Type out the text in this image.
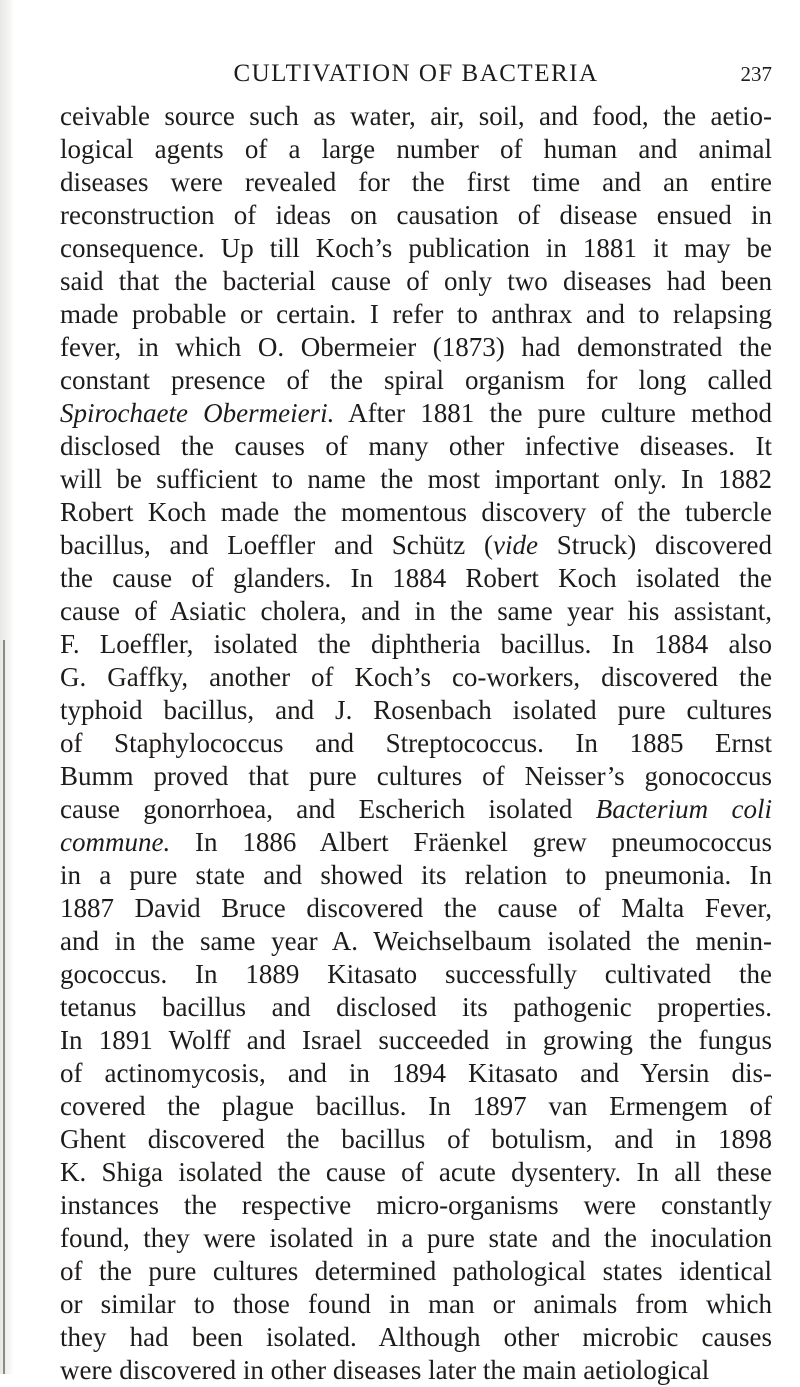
CULTIVATION OF BACTERIA	237
ceivable source such as water, air, soil, and food, the aetio-
logical agents of a large number of human and animal
diseases were revealed for the first time and an entire
reconstruction of ideas on causation of disease ensued in
consequence. Up till Koch’s publication in 1881 it may be
said that the bacterial cause of only two diseases had been
made probable or certain. I refer to anthrax and to relapsing
fever, in which O. Obermeier (1873) had demonstrated the
constant presence of the spiral organism for long called
Spirochaete Obermeieri. After 1881 the pure culture method
disclosed the causes of many other infective diseases. It
will be sufficient to name the most important only. In 1882
Robert Koch made the momentous discovery of the tubercle
bacillus, and Loeffler and Schütz (vide Struck) discovered
the cause of glanders. In 1884 Robert Koch isolated the
cause of Asiatic cholera, and in the same year his assistant,
F. Loeffler, isolated the diphtheria bacillus. In 1884 also
G. Gaffky, another of Koch’s co-workers, discovered the
typhoid bacillus, and J. Rosenbach isolated pure cultures
of Staphylococcus and Streptococcus. In 1885 Ernst
Bumm proved that pure cultures of Neisser’s gonococcus
cause gonorrhoea, and Escherich isolated Bacterium coli
commune. In 1886 Albert Fräenkel grew pneumococcus
in a pure state and showed its relation to pneumonia. In
1887 David Bruce discovered the cause of Malta Fever,
and in the same year A. Weichselbaum isolated the menin-
gococcus. In 1889 Kitasato successfully cultivated the
tetanus bacillus and disclosed its pathogenic properties.
In 1891 Wolff and Israel succeeded in growing the fungus
of actinomycosis, and in 1894 Kitasato and Yersin dis-
covered the plague bacillus. In 1897 van Ermengem of
Ghent discovered the bacillus of botulism, and in 1898
K. Shiga isolated the cause of acute dysentery. In all these
instances the respective micro-organisms were constantly
found, they were isolated in a pure state and the inoculation
of the pure cultures determined pathological states identical
or similar to those found in man or animals from which
they had been isolated. Although other microbic causes
were discovered in other diseases later the main aetiological
